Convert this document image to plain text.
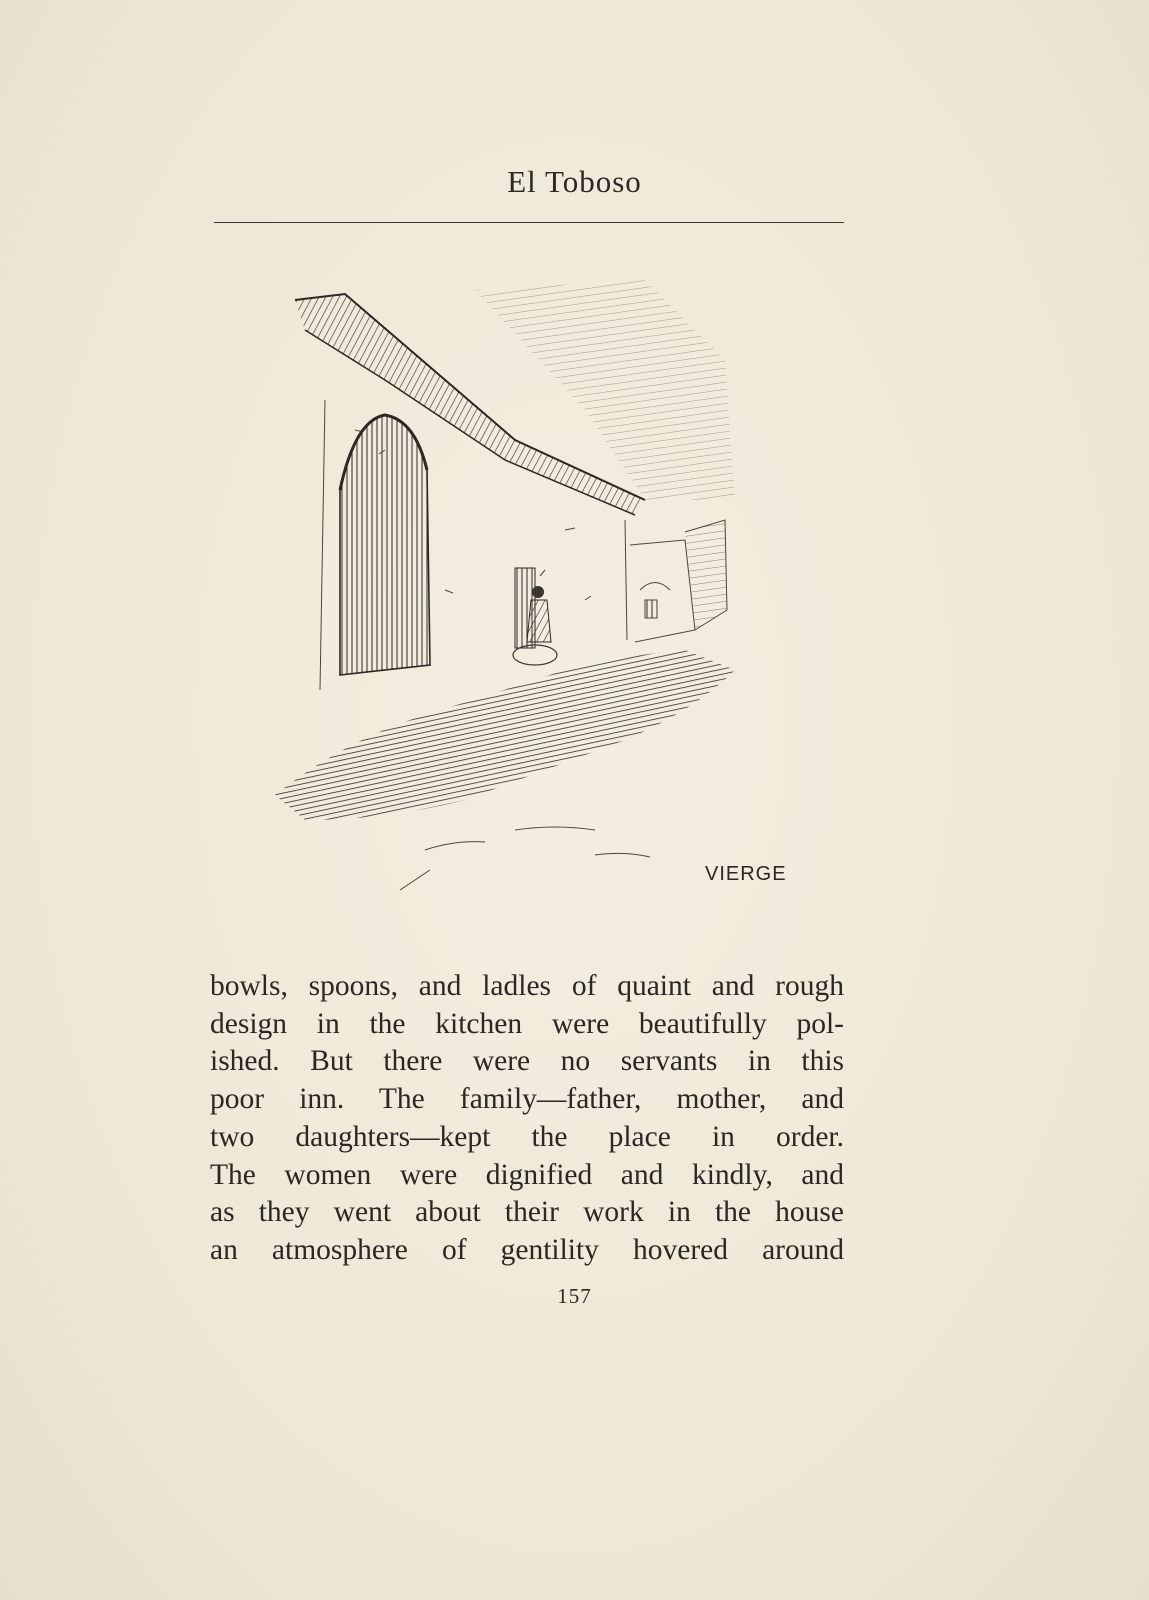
El Toboso
VIERGE
bowls, spoons, and ladles of quaint and rough
design in the kitchen were beautifully pol-
ished. But there were no servants in this
poor inn. The family—father, mother, and
two daughters—kept the place in order.
The women were dignified and kindly, and
as they went about their work in the house
an atmosphere of gentility hovered around
157
